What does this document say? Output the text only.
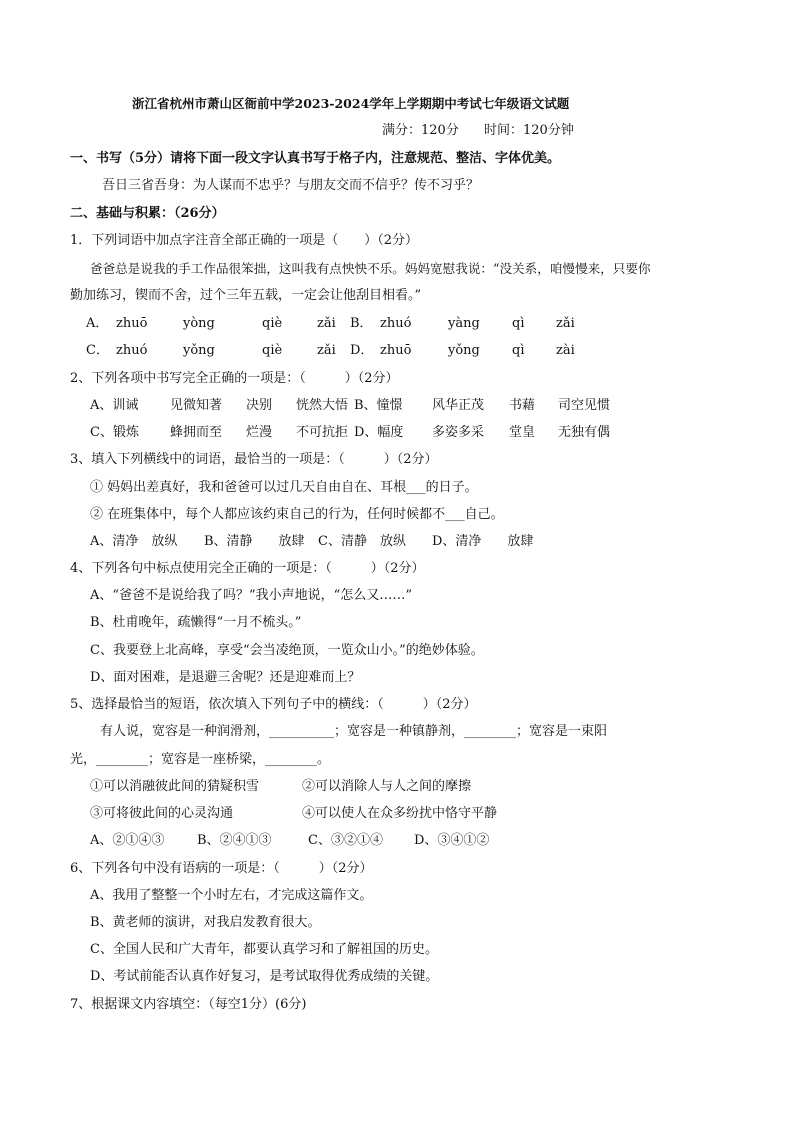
浙江省杭州市萧山区衙前中学2023-2024学年上学期期中考试七年级语文试题
满分：120分 时间：120分钟
一、书写（5分）请将下面一段文字认真书写于格子内，注意规范、整洁、字体优美。
吾日三省吾身：为人谋而不忠乎？与朋友交而不信乎？传不习乎？
二、基础与积累：（26分）
1．下列词语中加点字注音全部正确的一项是（　　）（2分）
爸爸总是说我的手工作品很笨拙，这叫我有点怏怏不乐。妈妈宽慰我说：“没关系，咱慢慢来，只要你
勤加练习，锲而不舍，过个三年五载，一定会让他刮目相看。”
A． zhuō	yòng	qiè	zǎi B． zhuó	yàng qì zǎi
C． zhuó	yǒng	qiè	zǎi D． zhuō	yǒng qì zài
2、下列各项中书写完全正确的一项是：（　　　）（2分）
A、训诫 见微知著 决别 恍然大悟 B、憧憬 风华正茂 书藉 司空见惯
C、锻炼 蜂拥而至 烂漫 不可抗拒 D、幅度 多姿多采 堂皇 无独有偶
3、填入下列横线中的词语，最恰当的一项是：（　　　）（2分）
① 妈妈出差真好，我和爸爸可以过几天自由自在、耳根___的日子。
② 在班集体中，每个人都应该约束自己的行为，任何时候都不___自己。
A、清净　放纵 B、清静　　放肆 C、清静　放纵 D、清净　　放肆
4、下列各句中标点使用完全正确的一项是：（　　　）（2分）
A、“爸爸不是说给我了吗？”我小声地说，“怎么又……”
B、杜甫晚年，疏懒得“一月不梳头。”
C、我要登上北高峰，享受“会当凌绝顶，一览众山小。”的绝妙体验。
D、面对困难，是退避三舍呢？还是迎难而上？
5、选择最恰当的短语，依次填入下列句子中的横线：（　　　）（2分）
有人说，宽容是一种润滑剂，__________；宽容是一种镇静剂，________；宽容是一束阳
光，________；宽容是一座桥梁，________。
①可以消融彼此间的猜疑积雪	②可以消除人与人之间的摩擦
③可将彼此间的心灵沟通	④可以使人在众多纷扰中恪守平静
A、②①④③	B、②④①③	C、③②①④ D、③④①②
6、下列各句中没有语病的一项是：（　　　）（2分）
A、我用了整整一个小时左右，才完成这篇作文。
B、黄老师的演讲，对我启发教育很大。
C、全国人民和广大青年，都要认真学习和了解祖国的历史。
D、考试前能否认真作好复习，是考试取得优秀成绩的关键。
7、根据课文内容填空：（每空1分）(6分)
